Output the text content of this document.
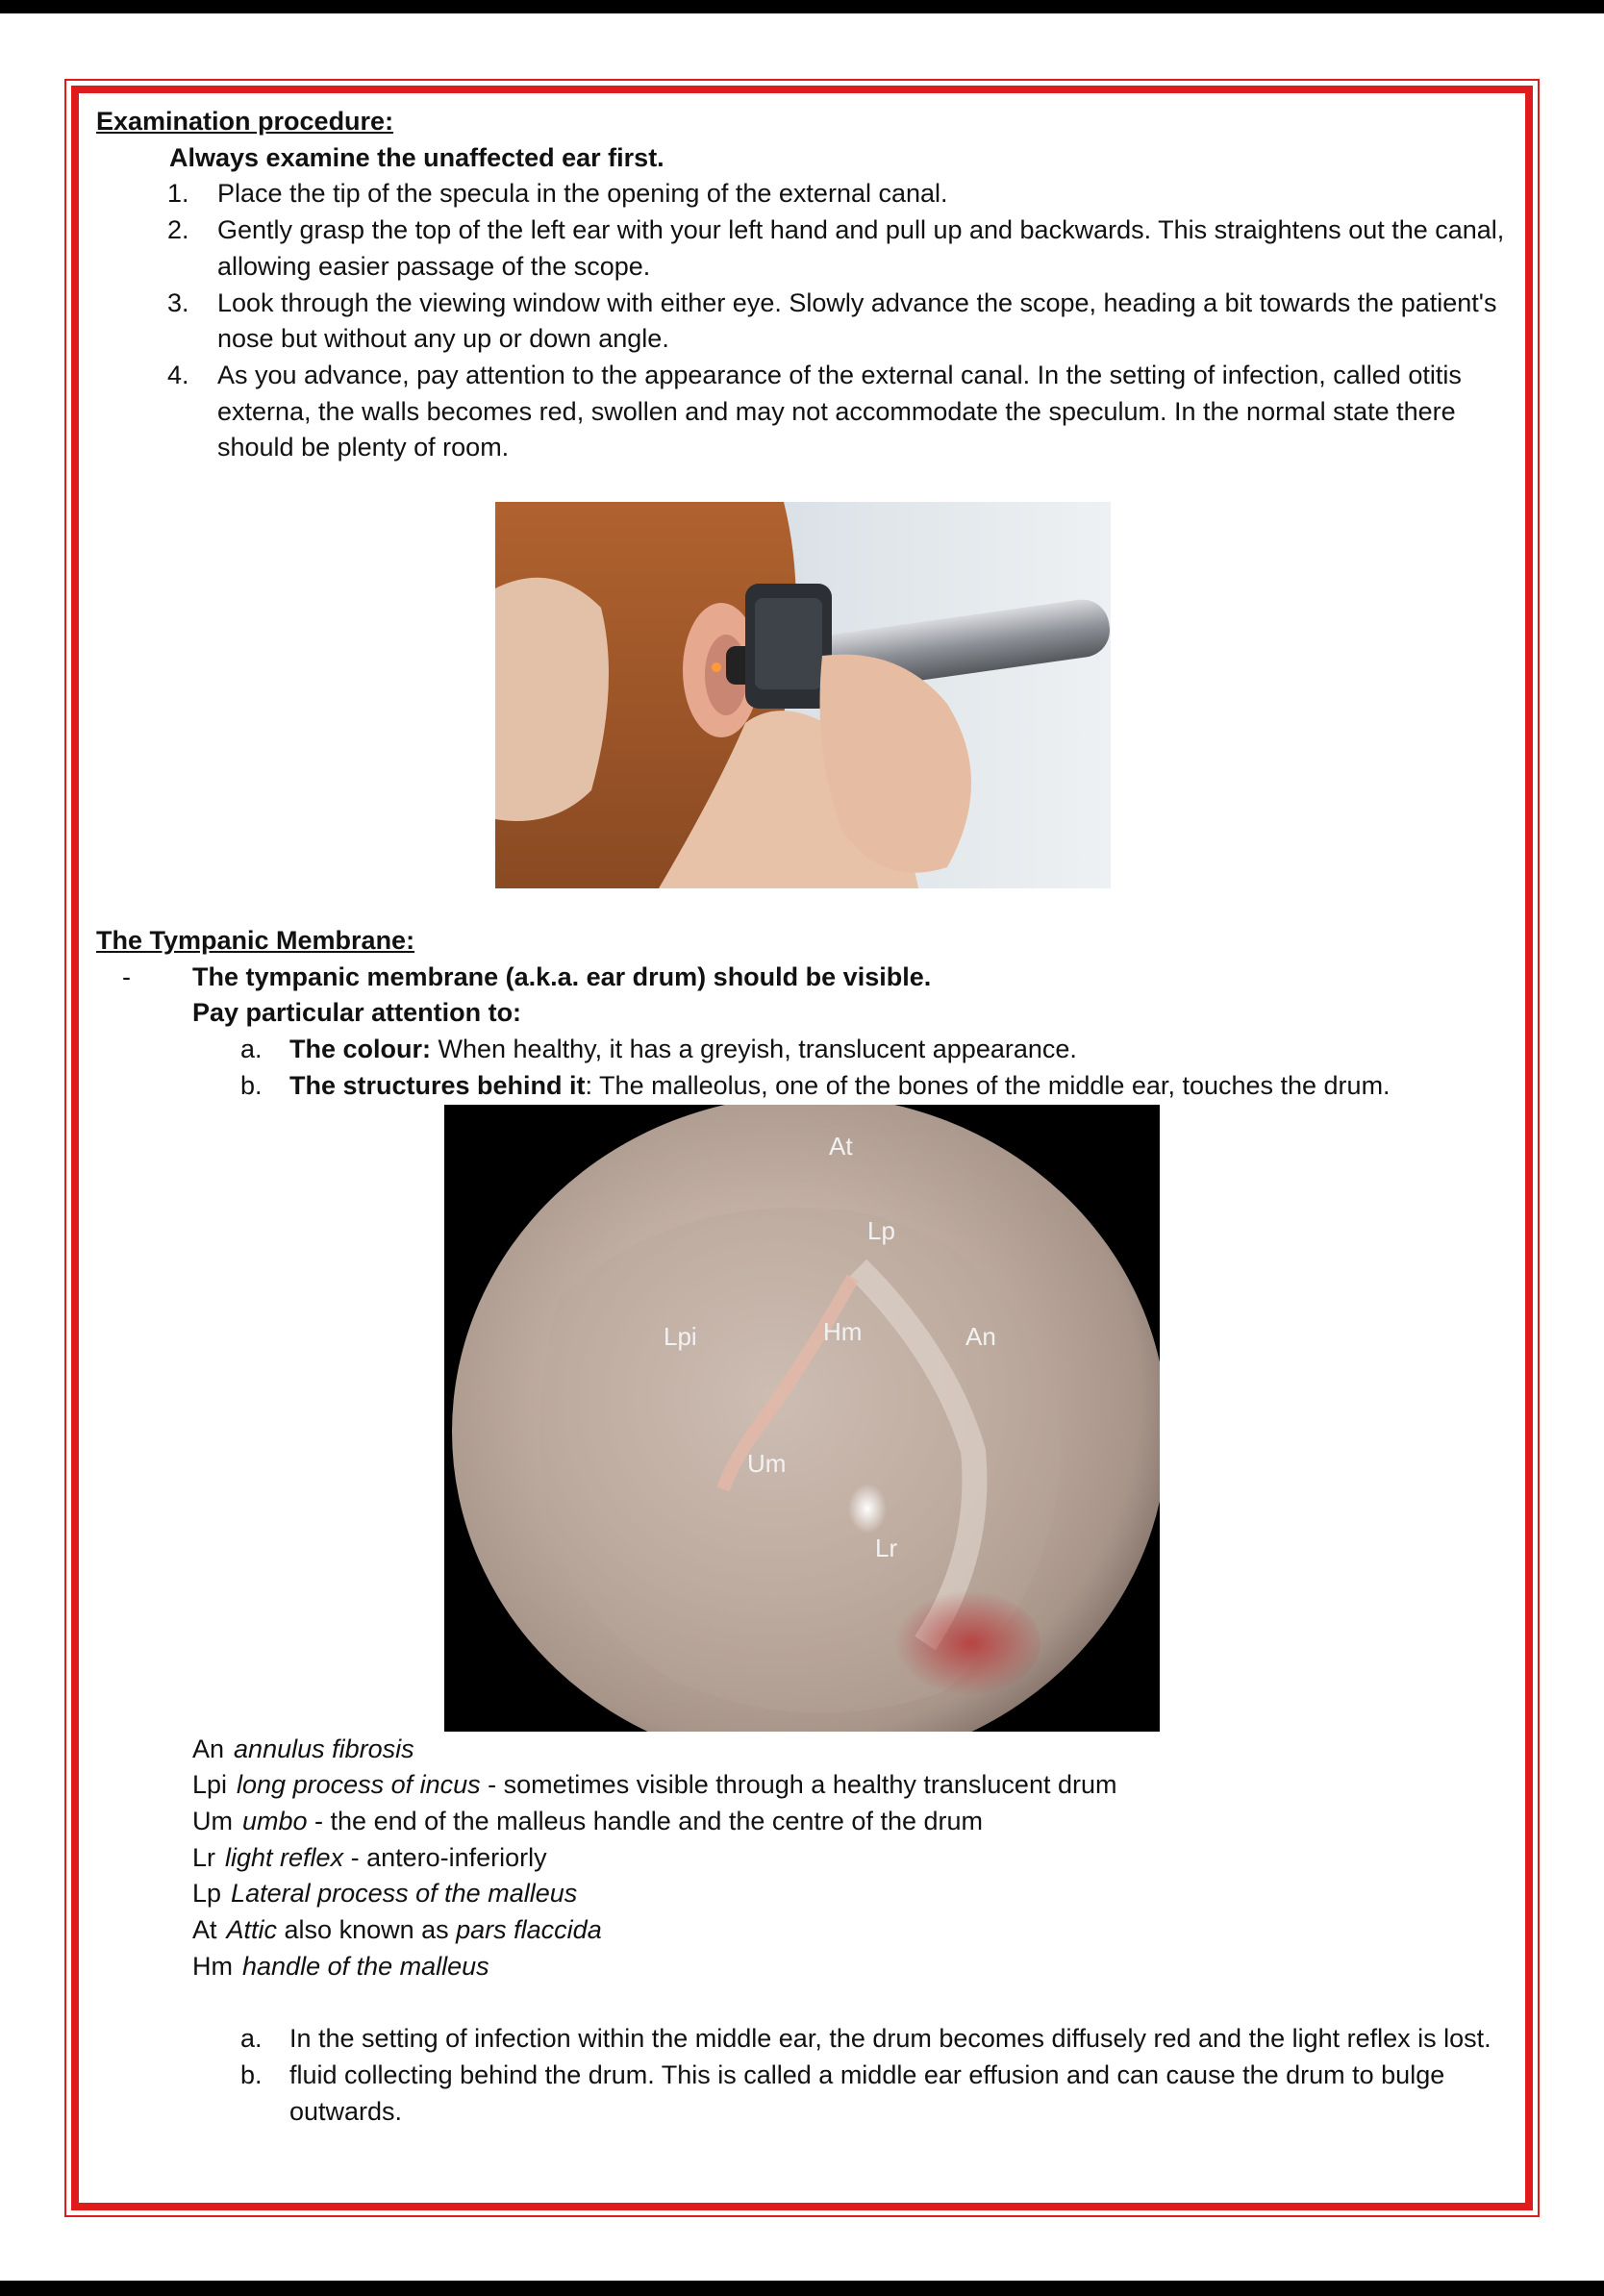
Examination procedure:

Always examine the unaffected ear first.

1. Place the tip of the specula in the opening of the external canal.
2. Gently grasp the top of the left ear with your left hand and pull up and backwards. This straightens out the canal, allowing easier passage of the scope.
3. Look through the viewing window with either eye. Slowly advance the scope, heading a bit towards the patient's nose but without any up or down angle.
4. As you advance, pay attention to the appearance of the external canal. In the setting of infection, called otitis externa, the walls becomes red, swollen and may not accommodate the speculum. In the normal state there should be plenty of room.

The Tympanic Membrane:

- The tympanic membrane (a.k.a. ear drum) should be visible.
Pay particular attention to:
a. The colour: When healthy, it has a greyish, translucent appearance.
b. The structures behind it: The malleolus, one of the bones of the middle ear, touches the drum.
At
Lp
Lpi	Hm	An
Um
Lr
An annulus fibrosis
Lpi long process of incus - sometimes visible through a healthy translucent drum
Um umbo - the end of the malleus handle and the centre of the drum
Lr light reflex - antero-inferiorly
Lp Lateral process of the malleus
At Attic also known as pars flaccida
Hm handle of the malleus
a. In the setting of infection within the middle ear, the drum becomes diffusely red and the light reflex is lost.
b. fluid collecting behind the drum. This is called a middle ear effusion and can cause the drum to bulge outwards.
